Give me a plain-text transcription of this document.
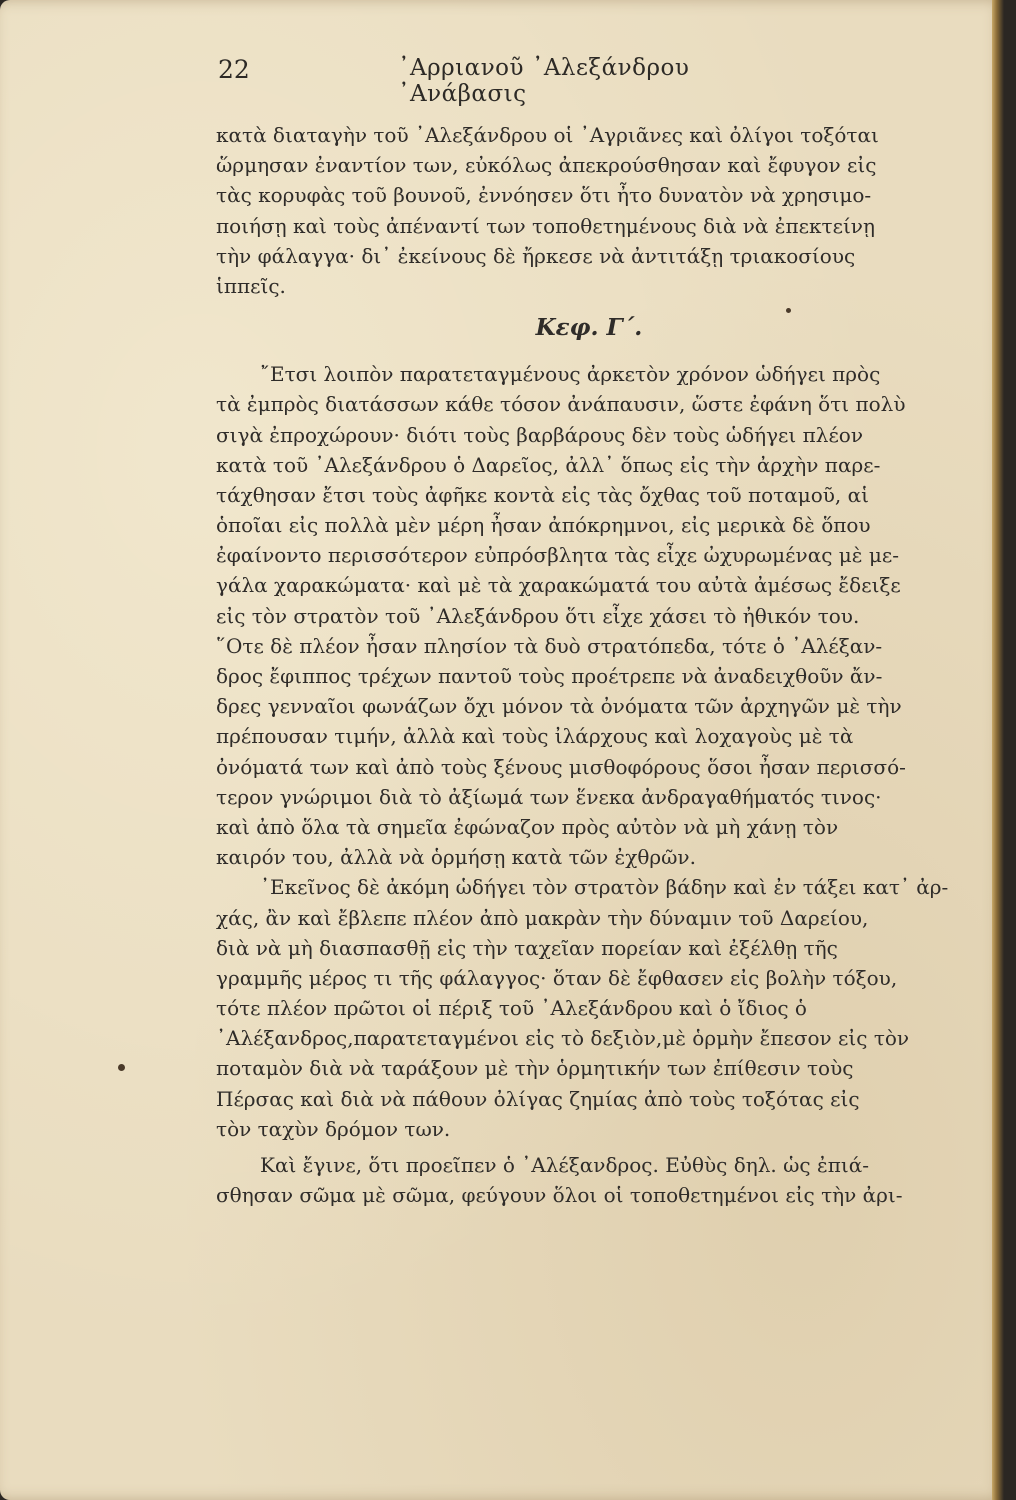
22	᾿Αρριανοῦ ᾿Αλεξάνδρου ᾿Ανάβασις
κατὰ διαταγὴν τοῦ ᾿Αλεξάνδρου οἱ ᾿Αγριᾶνες καὶ ὀλίγοι τοξόται
ὥρμησαν ἐναντίον των, εὐκόλως ἀπεκρούσθησαν καὶ ἔφυγον εἰς
τὰς κορυφὰς τοῦ βουνοῦ, ἐννόησεν ὅτι ἦτο δυνατὸν νὰ χρησιμο-
ποιήσῃ καὶ τοὺς ἀπέναντί των τοποθετημένους διὰ νὰ ἐπεκτείνῃ
τὴν φάλαγγα· δι᾿ ἐκείνους δὲ ἤρκεσε νὰ ἀντιτάξῃ τριακοσίους
ἱππεῖς.
Κεφ. Γ΄.
῎Ετσι λοιπὸν παρατεταγμένους ἀρκετὸν χρόνον ὡδήγει πρὸς
τὰ ἐμπρὸς διατάσσων κάθε τόσον ἀνάπαυσιν, ὥστε ἐφάνη ὅτι πολὺ
σιγὰ ἐπροχώρουν· διότι τοὺς βαρβάρους δὲν τοὺς ὡδήγει πλέον
κατὰ τοῦ ᾿Αλεξάνδρου ὁ Δαρεῖος, ἀλλ᾿ ὅπως εἰς τὴν ἀρχὴν παρε-
τάχθησαν ἔτσι τοὺς ἀφῆκε κοντὰ εἰς τὰς ὄχθας τοῦ ποταμοῦ, αἱ
ὁποῖαι εἰς πολλὰ μὲν μέρη ἦσαν ἀπόκρημνοι, εἰς μερικὰ δὲ ὅπου
ἐφαίνοντο περισσότερον εὐπρόσβλητα τὰς εἶχε ὠχυρωμένας μὲ με-
γάλα χαρακώματα· καὶ μὲ τὰ χαρακώματά του αὐτὰ ἀμέσως ἔδειξε
εἰς τὸν στρατὸν τοῦ ᾿Αλεξάνδρου ὅτι εἶχε χάσει τὸ ἠθικόν του.
῞Οτε δὲ πλέον ἦσαν πλησίον τὰ δυὸ στρατόπεδα, τότε ὁ ᾿Αλέξαν-
δρος ἔφιππος τρέχων παντοῦ τοὺς προέτρεπε νὰ ἀναδειχθοῦν ἄν-
δρες γενναῖοι φωνάζων ὄχι μόνον τὰ ὀνόματα τῶν ἀρχηγῶν μὲ τὴν
πρέπουσαν τιμήν, ἀλλὰ καὶ τοὺς ἰλάρχους καὶ λοχαγοὺς μὲ τὰ
ὀνόματά των καὶ ἀπὸ τοὺς ξένους μισθοφόρους ὅσοι ἦσαν περισσό-
τερον γνώριμοι διὰ τὸ ἀξίωμά των ἕνεκα ἀνδραγαθήματός τινος·
καὶ ἀπὸ ὅλα τὰ σημεῖα ἐφώναζον πρὸς αὐτὸν νὰ μὴ χάνῃ τὸν
καιρόν του, ἀλλὰ νὰ ὁρμήσῃ κατὰ τῶν ἐχθρῶν.
᾿Εκεῖνος δὲ ἀκόμη ὡδήγει τὸν στρατὸν βάδην καὶ ἐν τάξει κατ᾿ ἀρ-
χάς, ἂν καὶ ἔβλεπε πλέον ἀπὸ μακρὰν τὴν δύναμιν τοῦ Δαρείου,
διὰ νὰ μὴ διασπασθῇ εἰς τὴν ταχεῖαν πορείαν καὶ ἐξέλθῃ τῆς
γραμμῆς μέρος τι τῆς φάλαγγος· ὅταν δὲ ἔφθασεν εἰς βολὴν τόξου,
τότε πλέον πρῶτοι οἱ πέριξ τοῦ ᾿Αλεξάνδρου καὶ ὁ ἴδιος ὁ
᾿Αλέξανδρος,παρατεταγμένοι εἰς τὸ δεξιὸν,μὲ ὁρμὴν ἔπεσον εἰς τὸν
ποταμὸν διὰ νὰ ταράξουν μὲ τὴν ὁρμητικήν των ἐπίθεσιν τοὺς
Πέρσας καὶ διὰ νὰ πάθουν ὀλίγας ζημίας ἀπὸ τοὺς τοξότας εἰς
τὸν ταχὺν δρόμον των.
Καὶ ἔγινε, ὅτι προεῖπεν ὁ ᾿Αλέξανδρος. Εὐθὺς δηλ. ὡς ἐπιά-
σθησαν σῶμα μὲ σῶμα, φεύγουν ὅλοι οἱ τοποθετημένοι εἰς τὴν ἀρι-
